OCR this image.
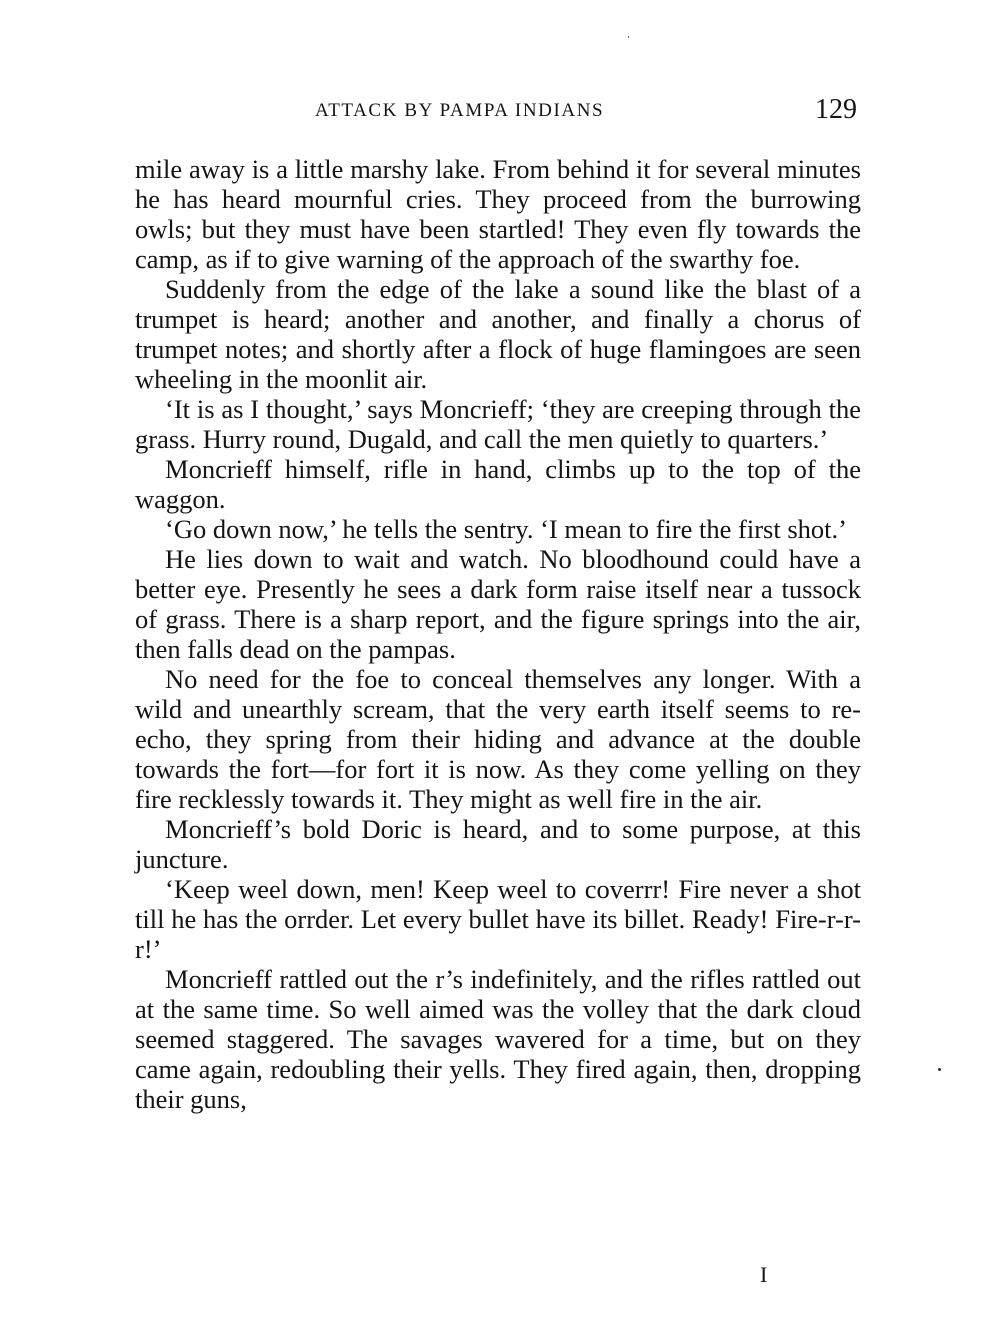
ATTACK BY PAMPA INDIANS	129

mile away is a little marshy lake. From behind it for several minutes he has heard mournful cries. They proceed from the burrowing owls; but they must have been startled! They even fly towards the camp, as if to give warning of the approach of the swarthy foe.

Suddenly from the edge of the lake a sound like the blast of a trumpet is heard; another and another, and finally a chorus of trumpet notes; and shortly after a flock of huge flamingoes are seen wheeling in the moonlit air.

‘It is as I thought,’ says Moncrieff; ‘they are creeping through the grass. Hurry round, Dugald, and call the men quietly to quarters.’

Moncrieff himself, rifle in hand, climbs up to the top of the waggon.

‘Go down now,’ he tells the sentry. ‘I mean to fire the first shot.’

He lies down to wait and watch. No bloodhound could have a better eye. Presently he sees a dark form raise itself near a tussock of grass. There is a sharp report, and the figure springs into the air, then falls dead on the pampas.

No need for the foe to conceal themselves any longer. With a wild and unearthly scream, that the very earth itself seems to re-echo, they spring from their hiding and advance at the double towards the fort—for fort it is now. As they come yelling on they fire recklessly towards it. They might as well fire in the air.

Moncrieff’s bold Doric is heard, and to some purpose, at this juncture.

‘Keep weel down, men! Keep weel to coverrr! Fire never a shot till he has the orrder. Let every bullet have its billet. Ready! Fire-r-r-r!’

Moncrieff rattled out the r’s indefinitely, and the rifles rattled out at the same time. So well aimed was the volley that the dark cloud seemed staggered. The savages wavered for a time, but on they came again, redoubling their yells. They fired again, then, dropping their guns,

I
